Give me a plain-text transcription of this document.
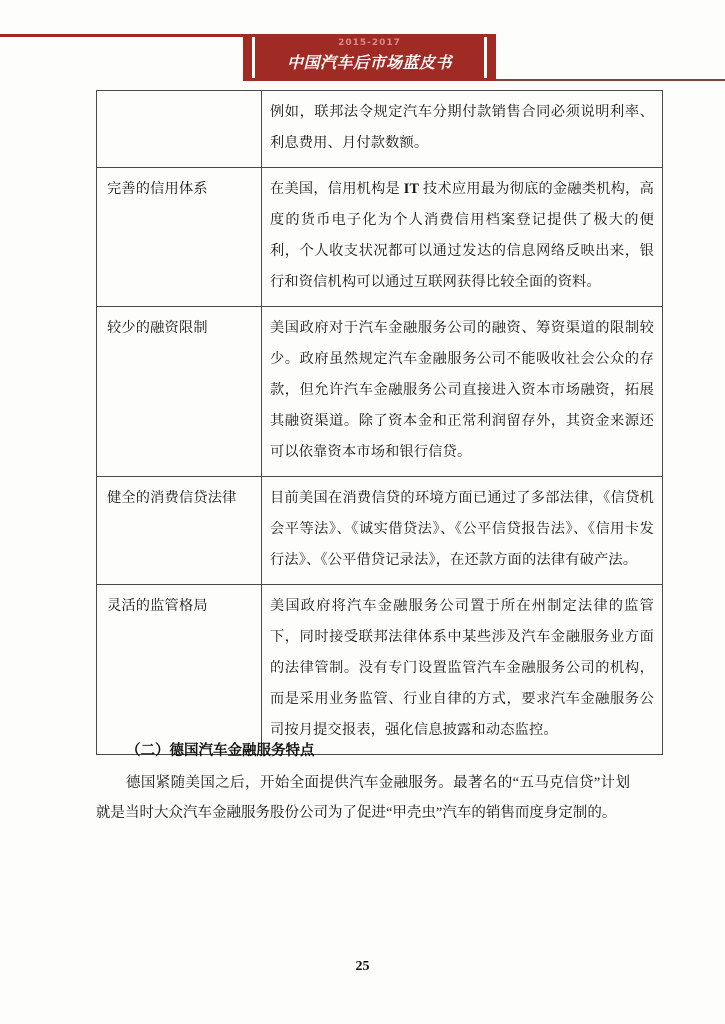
2015-2017
中国汽车后市场蓝皮书
	例如，联邦法令规定汽车分期付款销售合同必须说明利率、利息费用、月付款数额。
完善的信用体系	在美国，信用机构是 IT 技术应用最为彻底的金融类机构，高度的货币电子化为个人消费信用档案登记提供了极大的便利，个人收支状况都可以通过发达的信息网络反映出来，银行和资信机构可以通过互联网获得比较全面的资料。
较少的融资限制	美国政府对于汽车金融服务公司的融资、筹资渠道的限制较少。政府虽然规定汽车金融服务公司不能吸收社会公众的存款，但允许汽车金融服务公司直接进入资本市场融资，拓展其融资渠道。除了资本金和正常利润留存外，其资金来源还可以依靠资本市场和银行信贷。
健全的消费信贷法律	目前美国在消费信贷的环境方面已通过了多部法律，《信贷机会平等法》、《诚实借贷法》、《公平信贷报告法》、《信用卡发行法》、《公平借贷记录法》，在还款方面的法律有破产法。
灵活的监管格局	美国政府将汽车金融服务公司置于所在州制定法律的监管下，同时接受联邦法律体系中某些涉及汽车金融服务业方面的法律管制。没有专门设置监管汽车金融服务公司的机构，而是采用业务监管、行业自律的方式，要求汽车金融服务公司按月提交报表，强化信息披露和动态监控。

（二）德国汽车金融服务特点

德国紧随美国之后，开始全面提供汽车金融服务。最著名的“五马克信贷”计划就是当时大众汽车金融服务股份公司为了促进“甲壳虫”汽车的销售而度身定制的。

25
